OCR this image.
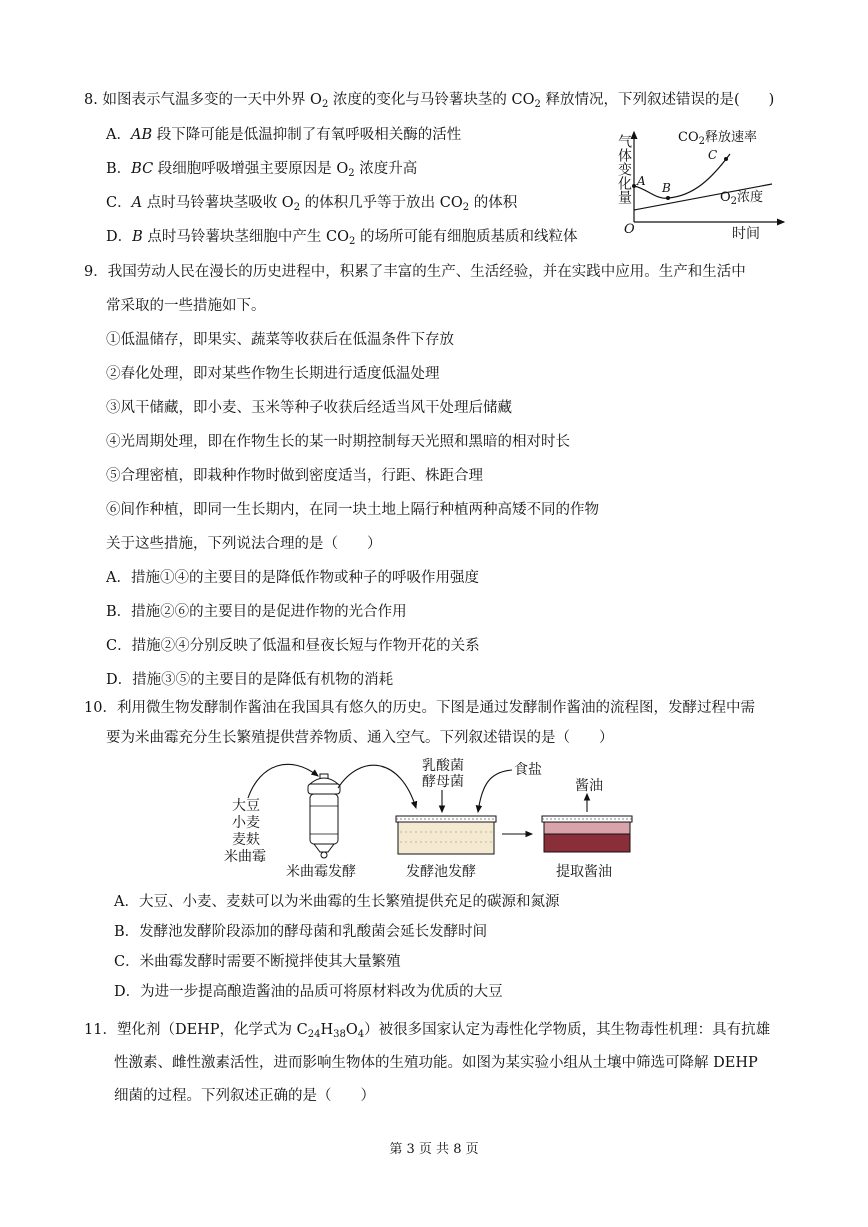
8. 如图表示气温多变的一天中外界 $O_2$ 浓度的变化与马铃薯块茎的 $CO_2$ 释放情况，下列叙述错误的是(　　)
A．AB 段下降可能是低温抑制了有氧呼吸相关酶的活性
B．BC 段细胞呼吸增强主要原因是 $O_2$ 浓度升高
C．A 点时马铃薯块茎吸收 $O_2$ 的体积几乎等于放出 $CO_2$ 的体积
D．B 点时马铃薯块茎细胞中产生 $CO_2$ 的场所可能有细胞质基质和线粒体
气体变化量
O	时间
$CO_2$释放速率
$O_2$浓度
A B
C
9．我国劳动人民在漫长的历史进程中，积累了丰富的生产、生活经验，并在实践中应用。生产和生活中
常采取的一些措施如下。
①低温储存，即果实、蔬菜等收获后在低温条件下存放
②春化处理，即对某些作物生长期进行适度低温处理
③风干储藏，即小麦、玉米等种子收获后经适当风干处理后储藏
④光周期处理，即在作物生长的某一时期控制每天光照和黑暗的相对时长
⑤合理密植，即栽种作物时做到密度适当，行距、株距合理
⑥间作种植，即同一生长期内，在同一块土地上隔行种植两种高矮不同的作物
关于这些措施，下列说法合理的是（　　）
A．措施①④的主要目的是降低作物或种子的呼吸作用强度
B．措施②⑥的主要目的是促进作物的光合作用
C．措施②④分别反映了低温和昼夜长短与作物开花的关系
D．措施③⑤的主要目的是降低有机物的消耗
10．利用微生物发酵制作酱油在我国具有悠久的历史。下图是通过发酵制作酱油的流程图，发酵过程中需
要为米曲霉充分生长繁殖提供营养物质、通入空气。下列叙述错误的是（　　）
大豆
小麦
麦麸
米曲霉
米曲霉发酵
乳酸菌
酵母菌
食盐
发酵池发酵
酱油
提取酱油
A．大豆、小麦、麦麸可以为米曲霉的生长繁殖提供充足的碳源和氮源
B．发酵池发酵阶段添加的酵母菌和乳酸菌会延长发酵时间
C．米曲霉发酵时需要不断搅拌使其大量繁殖
D．为进一步提高酿造酱油的品质可将原材料改为优质的大豆
11．塑化剂（DEHP，化学式为 $C_{24}H_{38}O_4$）被很多国家认定为毒性化学物质，其生物毒性机理：具有抗雄
性激素、雌性激素活性，进而影响生物体的生殖功能。如图为某实验小组从土壤中筛选可降解 DEHP
细菌的过程。下列叙述正确的是（　　）
第 3 页 共 8 页
